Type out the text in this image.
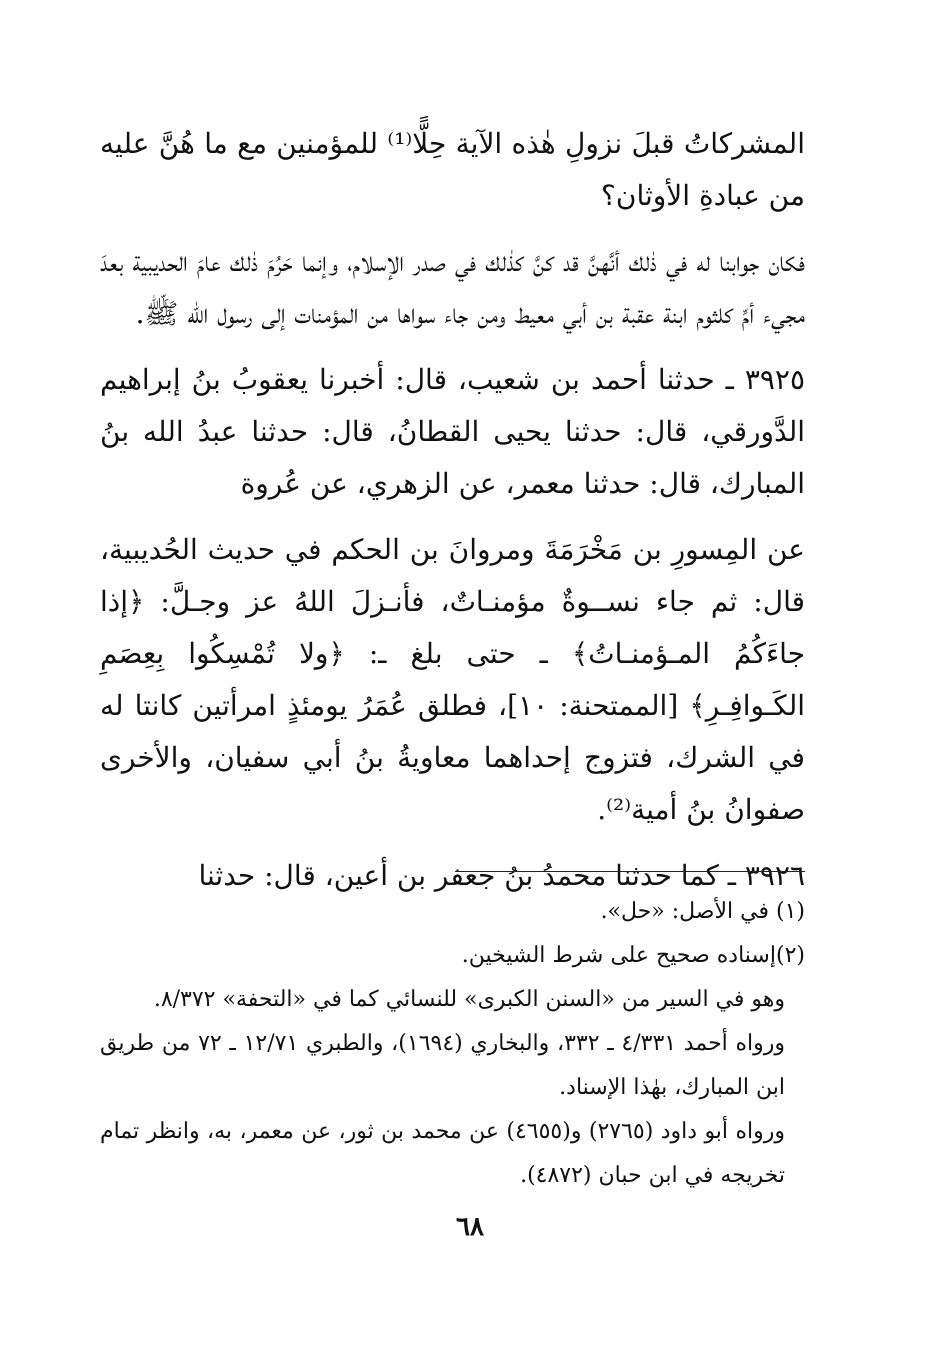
المشركاتُ قبلَ نزولِ هٰذه الآية حِلًّا⁽¹⁾ للمؤمنين مع ما هُنَّ عليه من عبادةِ الأوثان؟

فكان جوابنا له في ذٰلك أنَّهنَّ قد كنَّ كذٰلك في صدر الإسلام، وإنما حَرُمَ ذٰلك عامَ الحديبية بعدَ مجيء أمِّ كلثوم ابنة عقبة بن أبي معيط ومن جاء سواها من المؤمنات إلى رسول الله ﷺ.

٣٩٢٥ ـ حدثنا أحمد بن شعيب، قال: أخبرنا يعقوبُ بنُ إبراهيم الدَّورقي، قال: حدثنا يحيى القطانُ، قال: حدثنا عبدُ الله بنُ المبارك، قال: حدثنا معمر، عن الزهري، عن عُروة

عن المِسورِ بن مَخْرَمَةَ ومروانَ بن الحكم في حديث الحُديبية، قال: ثم جاء نســوةٌ مؤمنـاتٌ، فأنـزلَ اللهُ عز وجـلَّ: ﴿إذا جاءَكُمُ المـؤمنـاتُ﴾ ـ حتى بلغ ـ: ﴿ولا تُمْسِكُوا بِعِصَمِ الكَـوافِـرِ﴾ [الممتحنة: ١٠]، فطلق عُمَرُ يومئذٍ امرأتين كانتا له في الشرك، فتزوج إحداهما معاويةُ بنُ أبي سفيان، والأخرى صفوانُ بنُ أمية⁽²⁾.

٣٩٢٦ ـ كما حدثنا محمدُ بنُ جعفر بن أعين، قال: حدثنا

(١) في الأصل: «حل».

(٢)إسناده صحيح على شرط الشيخين.

وهو في السير من «السنن الكبرى» للنسائي كما في «التحفة» ٨/٣٧٢.

ورواه أحمد ٤/٣٣١ ـ ٣٣٢، والبخاري (١٦٩٤)، والطبري ١٢/٧١ ـ ٧٢ من طريق ابن المبارك، بهٰذا الإسناد.

ورواه أبو داود (٢٧٦٥) و(٤٦٥٥) عن محمد بن ثور، عن معمر، به، وانظر تمام تخريجه في ابن حبان (٤٨٧٢).

٦٨
